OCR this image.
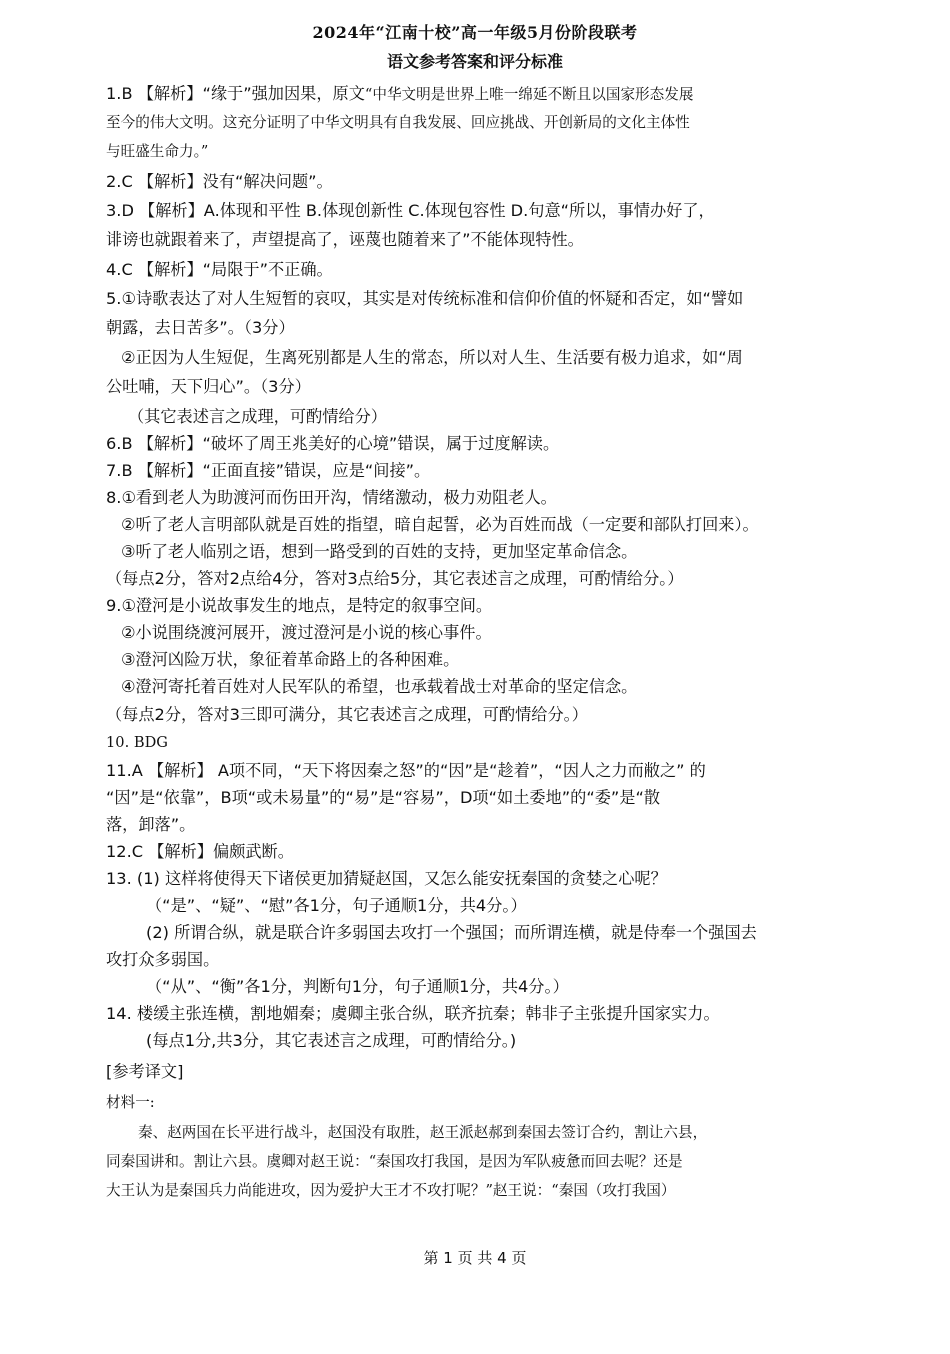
2024年“江南十校”高一年级5月份阶段联考
语文参考答案和评分标准
1.B 【解析】“缘于”强加因果，原文“中华文明是世界上唯一绵延不断且以国家形态发展
至今的伟大文明。这充分证明了中华文明具有自我发展、回应挑战、开创新局的文化主体性
与旺盛生命力。”
2.C 【解析】没有“解决问题”。
3.D 【解析】A.体现和平性 B.体现创新性 C.体现包容性 D.句意“所以，事情办好了，
诽谤也就跟着来了，声望提高了，诬蔑也随着来了”不能体现特性。
4.C 【解析】“局限于”不正确。
5.①诗歌表达了对人生短暂的哀叹，其实是对传统标准和信仰价值的怀疑和否定，如“譬如
朝露，去日苦多”。（3分）
②正因为人生短促，生离死别都是人生的常态，所以对人生、生活要有极力追求，如“周
公吐哺，天下归心”。（3分）
（其它表述言之成理，可酌情给分）
6.B 【解析】“破坏了周王兆美好的心境”错误，属于过度解读。
7.B 【解析】“正面直接”错误，应是“间接”。
8.①看到老人为助渡河而伤田开沟，情绪激动，极力劝阻老人。
②听了老人言明部队就是百姓的指望，暗自起誓，必为百姓而战（一定要和部队打回来）。
③听了老人临别之语，想到一路受到的百姓的支持，更加坚定革命信念。
（每点2分，答对2点给4分，答对3点给5分，其它表述言之成理，可酌情给分。）
9.①澄河是小说故事发生的地点，是特定的叙事空间。
②小说围绕渡河展开，渡过澄河是小说的核心事件。
③澄河凶险万状，象征着革命路上的各种困难。
④澄河寄托着百姓对人民军队的希望，也承载着战士对革命的坚定信念。
（每点2分，答对3三即可满分，其它表述言之成理，可酌情给分。）
10. BDG
11.A 【解析】 A项不同，“天下将因秦之怒”的“因”是“趁着”，“因人之力而敝之” 的
“因”是“依靠”，B项“或未易量”的“易”是“容易”，D项“如土委地”的“委”是“散
落，卸落”。
12.C 【解析】偏颇武断。
13. (1) 这样将使得天下诸侯更加猜疑赵国，又怎么能安抚秦国的贪婪之心呢？
（“是”、“疑”、“慰”各1分，句子通顺1分，共4分。）
(2) 所谓合纵，就是联合许多弱国去攻打一个强国；而所谓连横，就是侍奉一个强国去
攻打众多弱国。
（“从”、“衡”各1分，判断句1分，句子通顺1分，共4分。）
14. 楼缓主张连横，割地媚秦；虞卿主张合纵，联齐抗秦；韩非子主张提升国家实力。
(每点1分,共3分，其它表述言之成理，可酌情给分。)
[参考译文]
材料一:
秦、赵两国在长平进行战斗，赵国没有取胜，赵王派赵郝到秦国去签订合约，割让六县，
同秦国讲和。割让六县。虞卿对赵王说：“秦国攻打我国，是因为军队疲惫而回去呢？还是
大王认为是秦国兵力尚能进攻，因为爱护大王才不攻打呢？”赵王说：“秦国（攻打我国）
第 1 页 共 4 页
